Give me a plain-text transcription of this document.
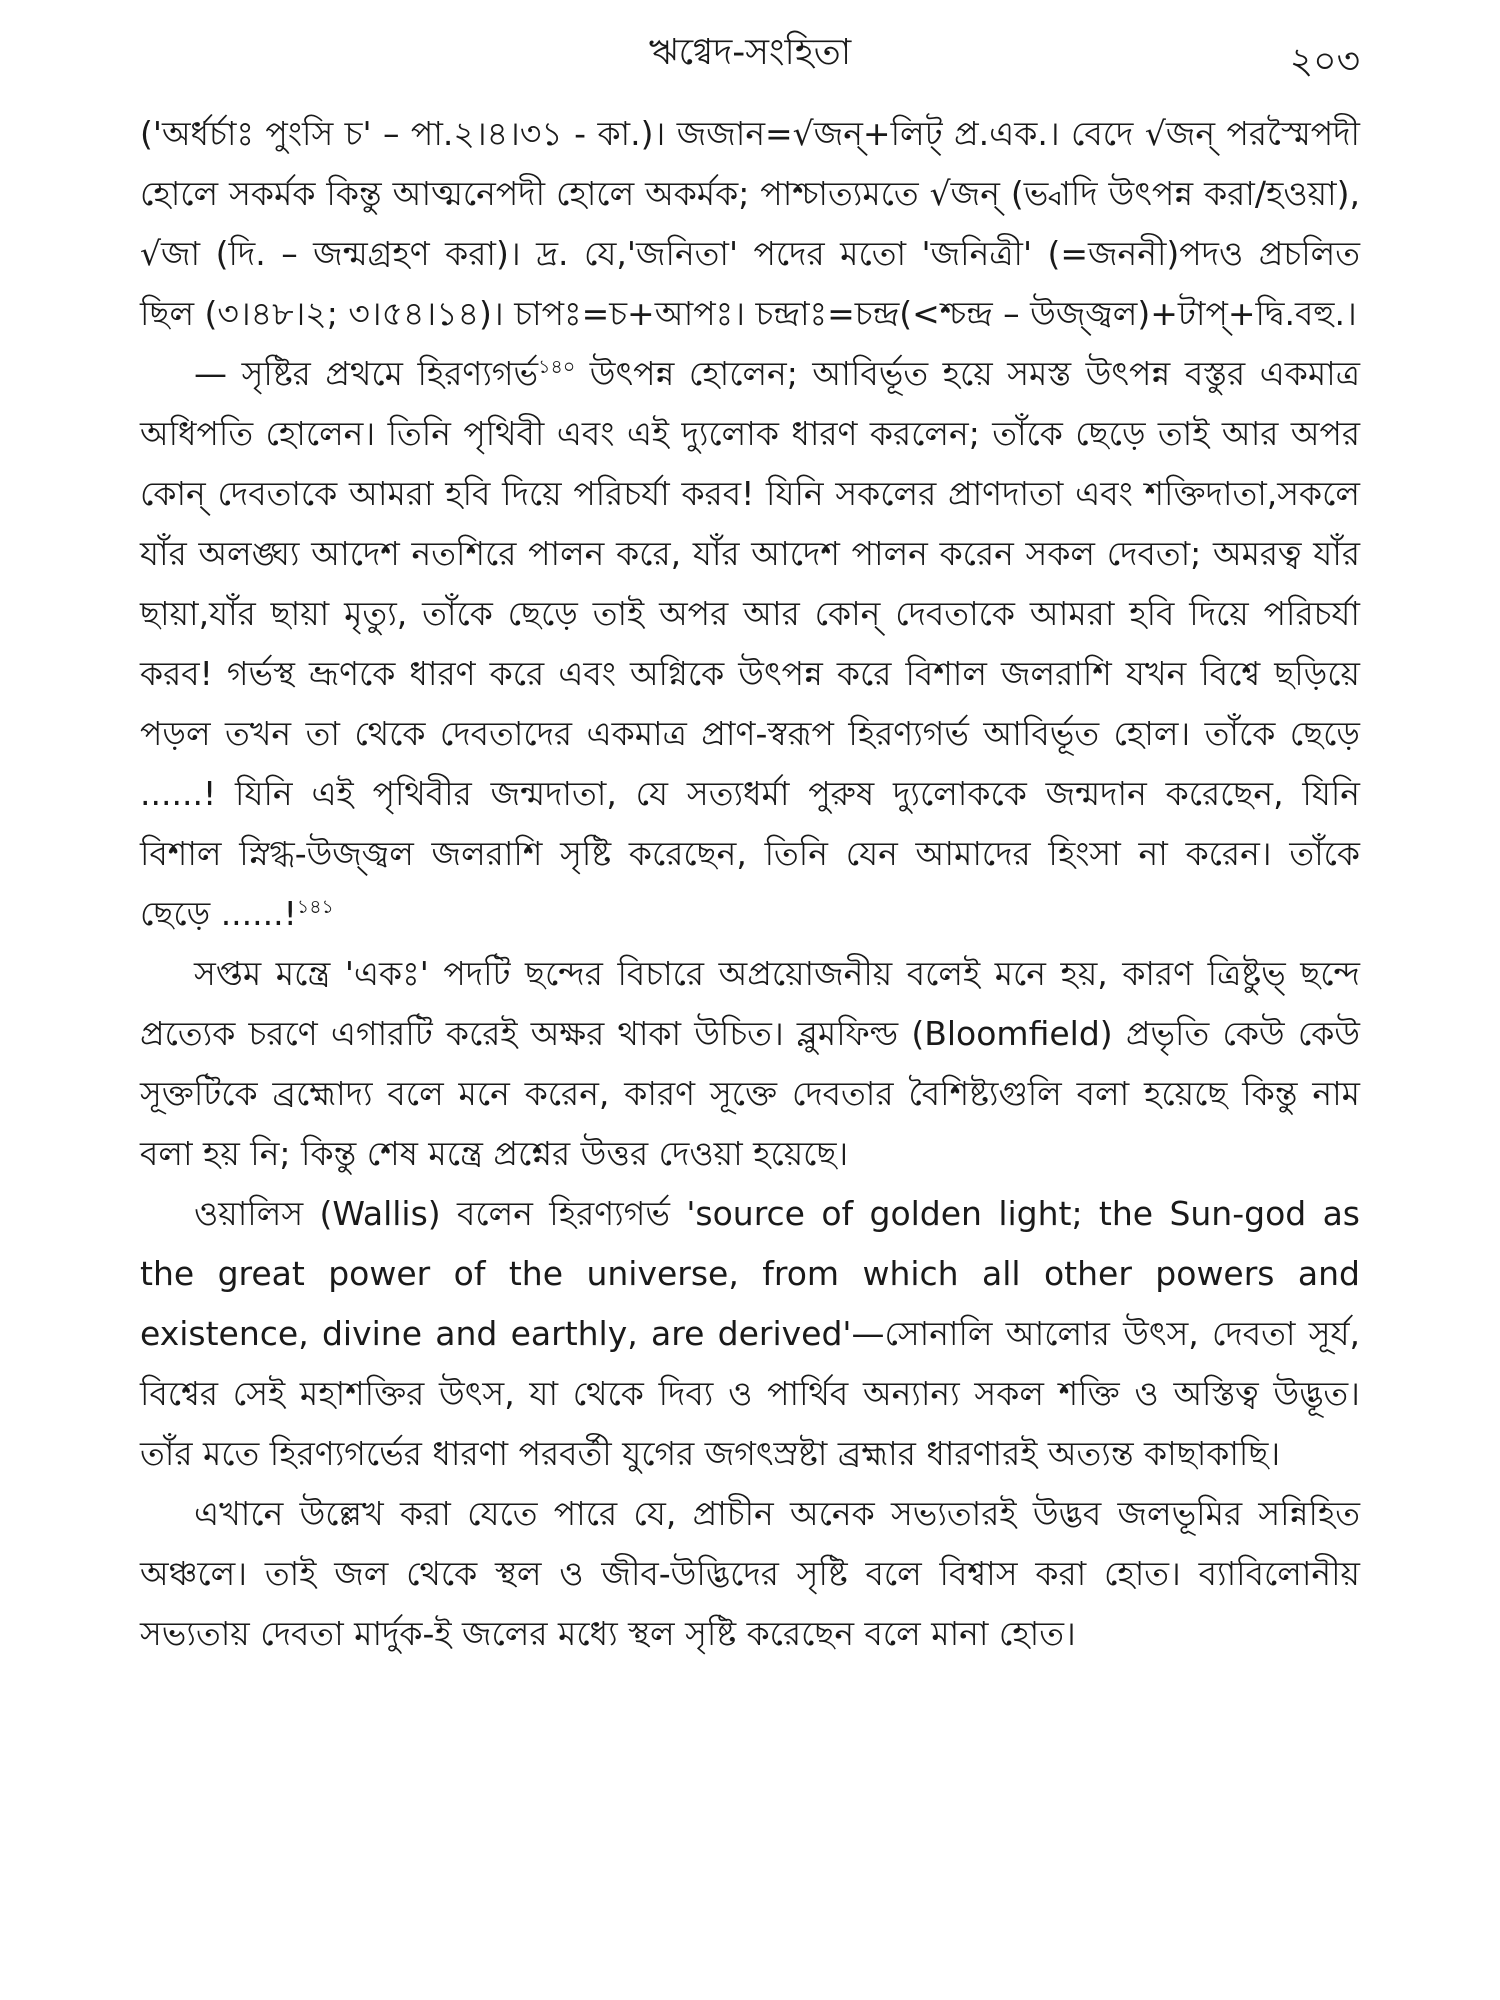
ঋগ্বেদ-সংহিতা	২০৩

('অর্ধর্চাঃ পুংসি চ' – পা.২।৪।৩১ - কা.)। জজান=√জন্+লিট্ প্র.এক.। বেদে √জন্ পরস্মৈপদী হোলে সকর্মক কিন্তু আত্মনেপদী হোলে অকর্মক; পাশ্চাত্যমতে √জন্ (ভ্বাদি উৎপন্ন করা/হওয়া), √জা (দি. – জন্মগ্রহণ করা)। দ্র. যে,'জনিতা' পদের মতো 'জনিত্রী' (=জননী)পদও প্রচলিত ছিল (৩।৪৮।২; ৩।৫৪।১৪)। চাপঃ=চ+আপঃ। চন্দ্রাঃ=চন্দ্র(<শ্চন্দ্র – উজ্জ্বল)+টাপ্+দ্বি.বহু.।

— সৃষ্টির প্রথমে হিরণ্যগর্ভ$^{১৪০}$ উৎপন্ন হোলেন; আবির্ভূত হয়ে সমস্ত উৎপন্ন বস্তুর একমাত্র অধিপতি হোলেন। তিনি পৃথিবী এবং এই দ্যুলোক ধারণ করলেন; তাঁকে ছেড়ে তাই আর অপর কোন্ দেবতাকে আমরা হবি দিয়ে পরিচর্যা করব! যিনি সকলের প্রাণদাতা এবং শক্তিদাতা,সকলে যাঁর অলঙ্ঘ্য আদেশ নতশিরে পালন করে, যাঁর আদেশ পালন করেন সকল দেবতা; অমরত্ব যাঁর ছায়া,যাঁর ছায়া মৃত্যু, তাঁকে ছেড়ে তাই অপর আর কোন্ দেবতাকে আমরা হবি দিয়ে পরিচর্যা করব! গর্ভস্থ ভ্রূণকে ধারণ করে এবং অগ্নিকে উৎপন্ন করে বিশাল জলরাশি যখন বিশ্বে ছড়িয়ে পড়ল তখন তা থেকে দেবতাদের একমাত্র প্রাণ-স্বরূপ হিরণ্যগর্ভ আবির্ভূত হোল। তাঁকে ছেড়ে ......! যিনি এই পৃথিবীর জন্মদাতা, যে সত্যধর্মা পুরুষ দ্যুলোককে জন্মদান করেছেন, যিনি বিশাল স্নিগ্ধ-উজ্জ্বল জলরাশি সৃষ্টি করেছেন, তিনি যেন আমাদের হিংসা না করেন। তাঁকে ছেড়ে ......!$^{১৪১}$

সপ্তম মন্ত্রে 'একঃ' পদটি ছন্দের বিচারে অপ্রয়োজনীয় বলেই মনে হয়, কারণ ত্রিষ্টুভ্ ছন্দে প্রত্যেক চরণে এগারটি করেই অক্ষর থাকা উচিত। ব্লুমফিল্ড (Bloomfield) প্রভৃতি কেউ কেউ সূক্তটিকে ব্রহ্মোদ্য বলে মনে করেন, কারণ সূক্তে দেবতার বৈশিষ্ট্যগুলি বলা হয়েছে কিন্তু নাম বলা হয় নি; কিন্তু শেষ মন্ত্রে প্রশ্নের উত্তর দেওয়া হয়েছে।

ওয়ালিস (Wallis) বলেন হিরণ্যগর্ভ 'source of golden light; the Sun-god as the great power of the universe, from which all other powers and existence, divine and earthly, are derived'—সোনালি আলোর উৎস, দেবতা সূর্য, বিশ্বের সেই মহাশক্তির উৎস, যা থেকে দিব্য ও পার্থিব অন্যান্য সকল শক্তি ও অস্তিত্ব উদ্ভূত। তাঁর মতে হিরণ্যগর্ভের ধারণা পরবর্তী যুগের জগৎস্রষ্টা ব্রহ্মার ধারণারই অত্যন্ত কাছাকাছি।

এখানে উল্লেখ করা যেতে পারে যে, প্রাচীন অনেক সভ্যতারই উদ্ভব জলভূমির সন্নিহিত অঞ্চলে। তাই জল থেকে স্থল ও জীব-উদ্ভিদের সৃষ্টি বলে বিশ্বাস করা হোত। ব্যাবিলোনীয় সভ্যতায় দেবতা মার্দুক-ই জলের মধ্যে স্থল সৃষ্টি করেছেন বলে মানা হোত।
